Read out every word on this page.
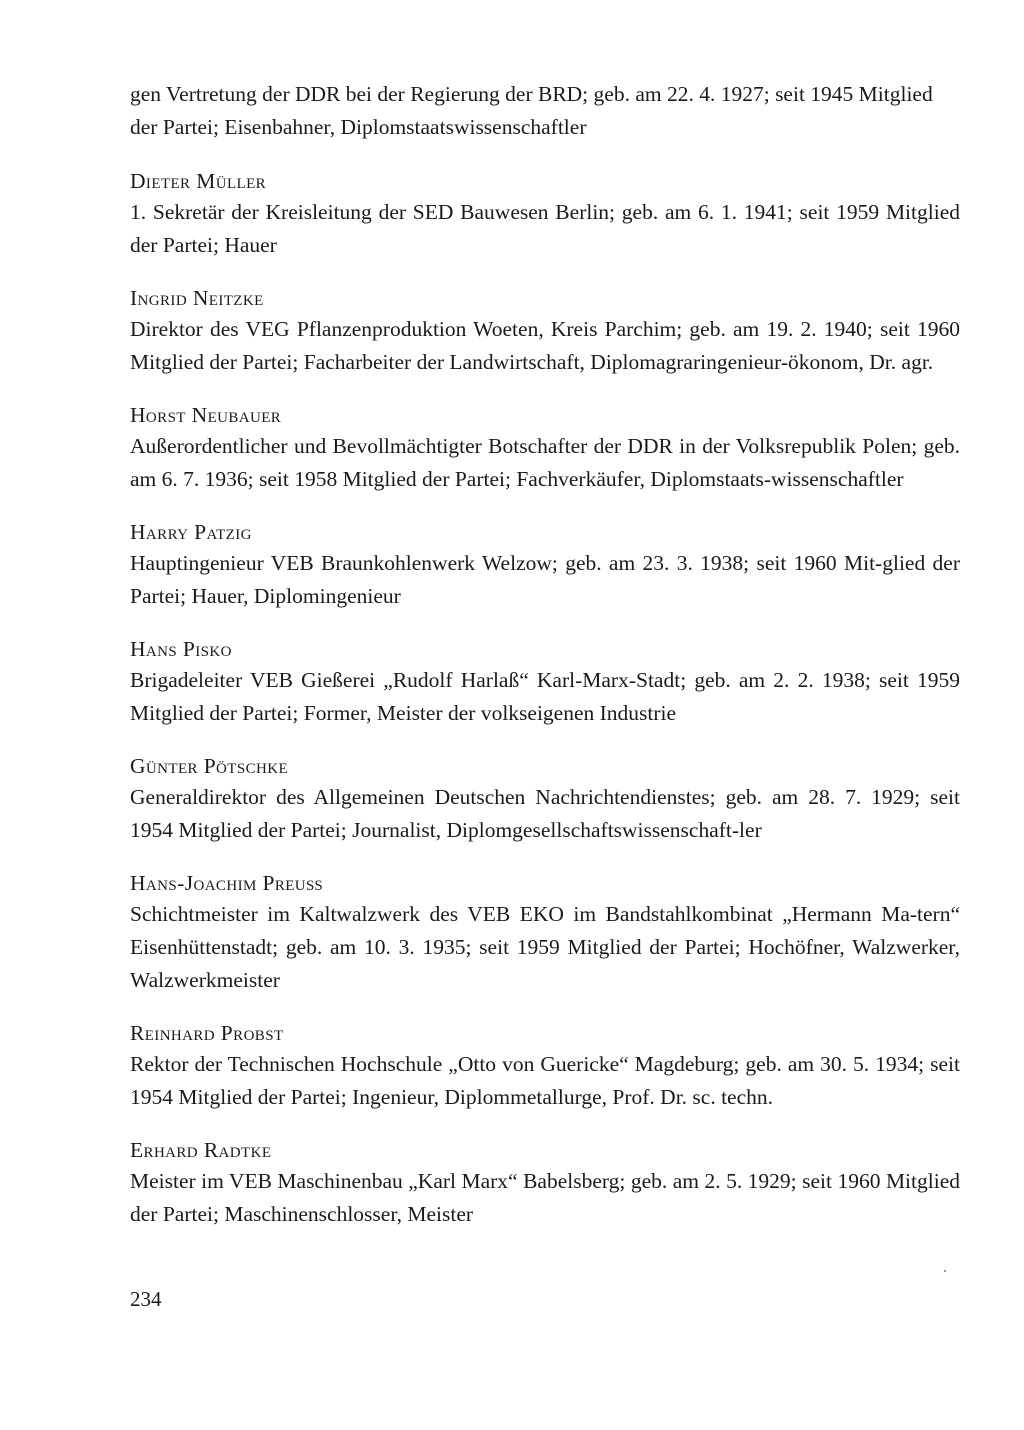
gen Vertretung der DDR bei der Regierung der BRD; geb. am 22. 4. 1927; seit 1945 Mitglied der Partei; Eisenbahner, Diplomstaatswissenschaftler

Dieter Müller

1. Sekretär der Kreisleitung der SED Bauwesen Berlin; geb. am 6. 1. 1941; seit 1959 Mitglied der Partei; Hauer

Ingrid Neitzke

Direktor des VEG Pflanzenproduktion Woeten, Kreis Parchim; geb. am 19. 2. 1940; seit 1960 Mitglied der Partei; Facharbeiter der Landwirtschaft, Diplomagraringenieur-ökonom, Dr. agr.

Horst Neubauer

Außerordentlicher und Bevollmächtigter Botschafter der DDR in der Volksrepublik Polen; geb. am 6. 7. 1936; seit 1958 Mitglied der Partei; Fachverkäufer, Diplomstaats-wissenschaftler

Harry Patzig

Hauptingenieur VEB Braunkohlenwerk Welzow; geb. am 23. 3. 1938; seit 1960 Mit-glied der Partei; Hauer, Diplomingenieur

Hans Pisko

Brigadeleiter VEB Gießerei „Rudolf Harlaß“ Karl-Marx-Stadt; geb. am 2. 2. 1938; seit 1959 Mitglied der Partei; Former, Meister der volkseigenen Industrie

Günter Pötschke

Generaldirektor des Allgemeinen Deutschen Nachrichtendienstes; geb. am 28. 7. 1929; seit 1954 Mitglied der Partei; Journalist, Diplomgesellschaftswissenschaft-ler

Hans-Joachim Preuß

Schichtmeister im Kaltwalzwerk des VEB EKO im Bandstahlkombinat „Hermann Ma-tern“ Eisenhüttenstadt; geb. am 10. 3. 1935; seit 1959 Mitglied der Partei; Hochöfner, Walzwerker, Walzwerkmeister

Reinhard Probst

Rektor der Technischen Hochschule „Otto von Guericke“ Magdeburg; geb. am 30. 5. 1934; seit 1954 Mitglied der Partei; Ingenieur, Diplommetallurge, Prof. Dr. sc. techn.

Erhard Radtke

Meister im VEB Maschinenbau „Karl Marx“ Babelsberg; geb. am 2. 5. 1929; seit 1960 Mitglied der Partei; Maschinenschlosser, Meister

234
